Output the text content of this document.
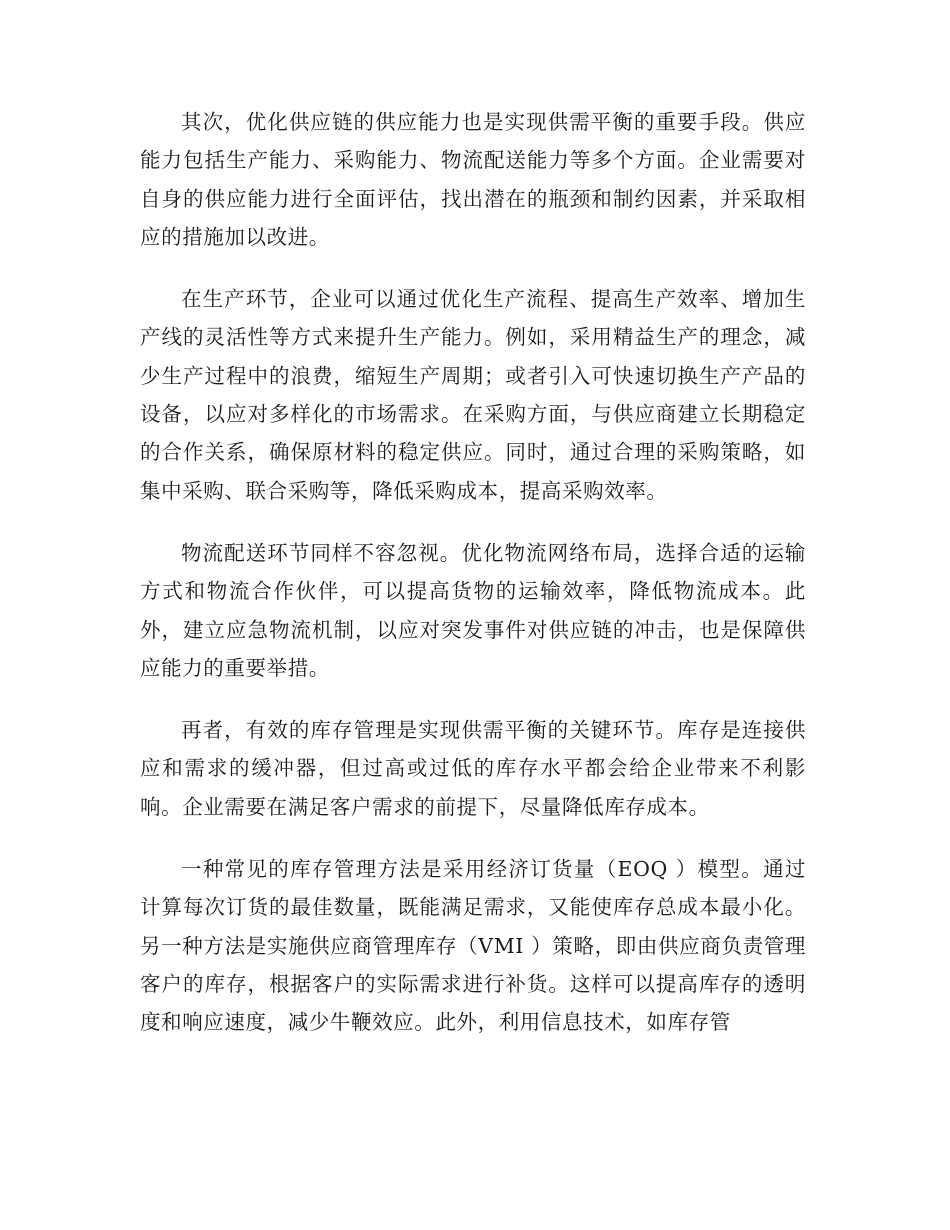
其次，优化供应链的供应能力也是实现供需平衡的重要手段。供应能力包括生产能力、采购能力、物流配送能力等多个方面。企业需要对自身的供应能力进行全面评估，找出潜在的瓶颈和制约因素，并采取相应的措施加以改进。

在生产环节，企业可以通过优化生产流程、提高生产效率、增加生产线的灵活性等方式来提升生产能力。例如，采用精益生产的理念，减少生产过程中的浪费，缩短生产周期；或者引入可快速切换生产产品的设备，以应对多样化的市场需求。在采购方面，与供应商建立长期稳定的合作关系，确保原材料的稳定供应。同时，通过合理的采购策略，如集中采购、联合采购等，降低采购成本，提高采购效率。

物流配送环节同样不容忽视。优化物流网络布局，选择合适的运输方式和物流合作伙伴，可以提高货物的运输效率，降低物流成本。此外，建立应急物流机制，以应对突发事件对供应链的冲击，也是保障供应能力的重要举措。

再者，有效的库存管理是实现供需平衡的关键环节。库存是连接供应和需求的缓冲器，但过高或过低的库存水平都会给企业带来不利影响。企业需要在满足客户需求的前提下，尽量降低库存成本。

一种常见的库存管理方法是采用经济订货量（EOQ ）模型。通过计算每次订货的最佳数量，既能满足需求，又能使库存总成本最小化。另一种方法是实施供应商管理库存（VMI ）策略，即由供应商负责管理客户的库存，根据客户的实际需求进行补货。这样可以提高库存的透明度和响应速度，减少牛鞭效应。此外，利用信息技术，如库存管
